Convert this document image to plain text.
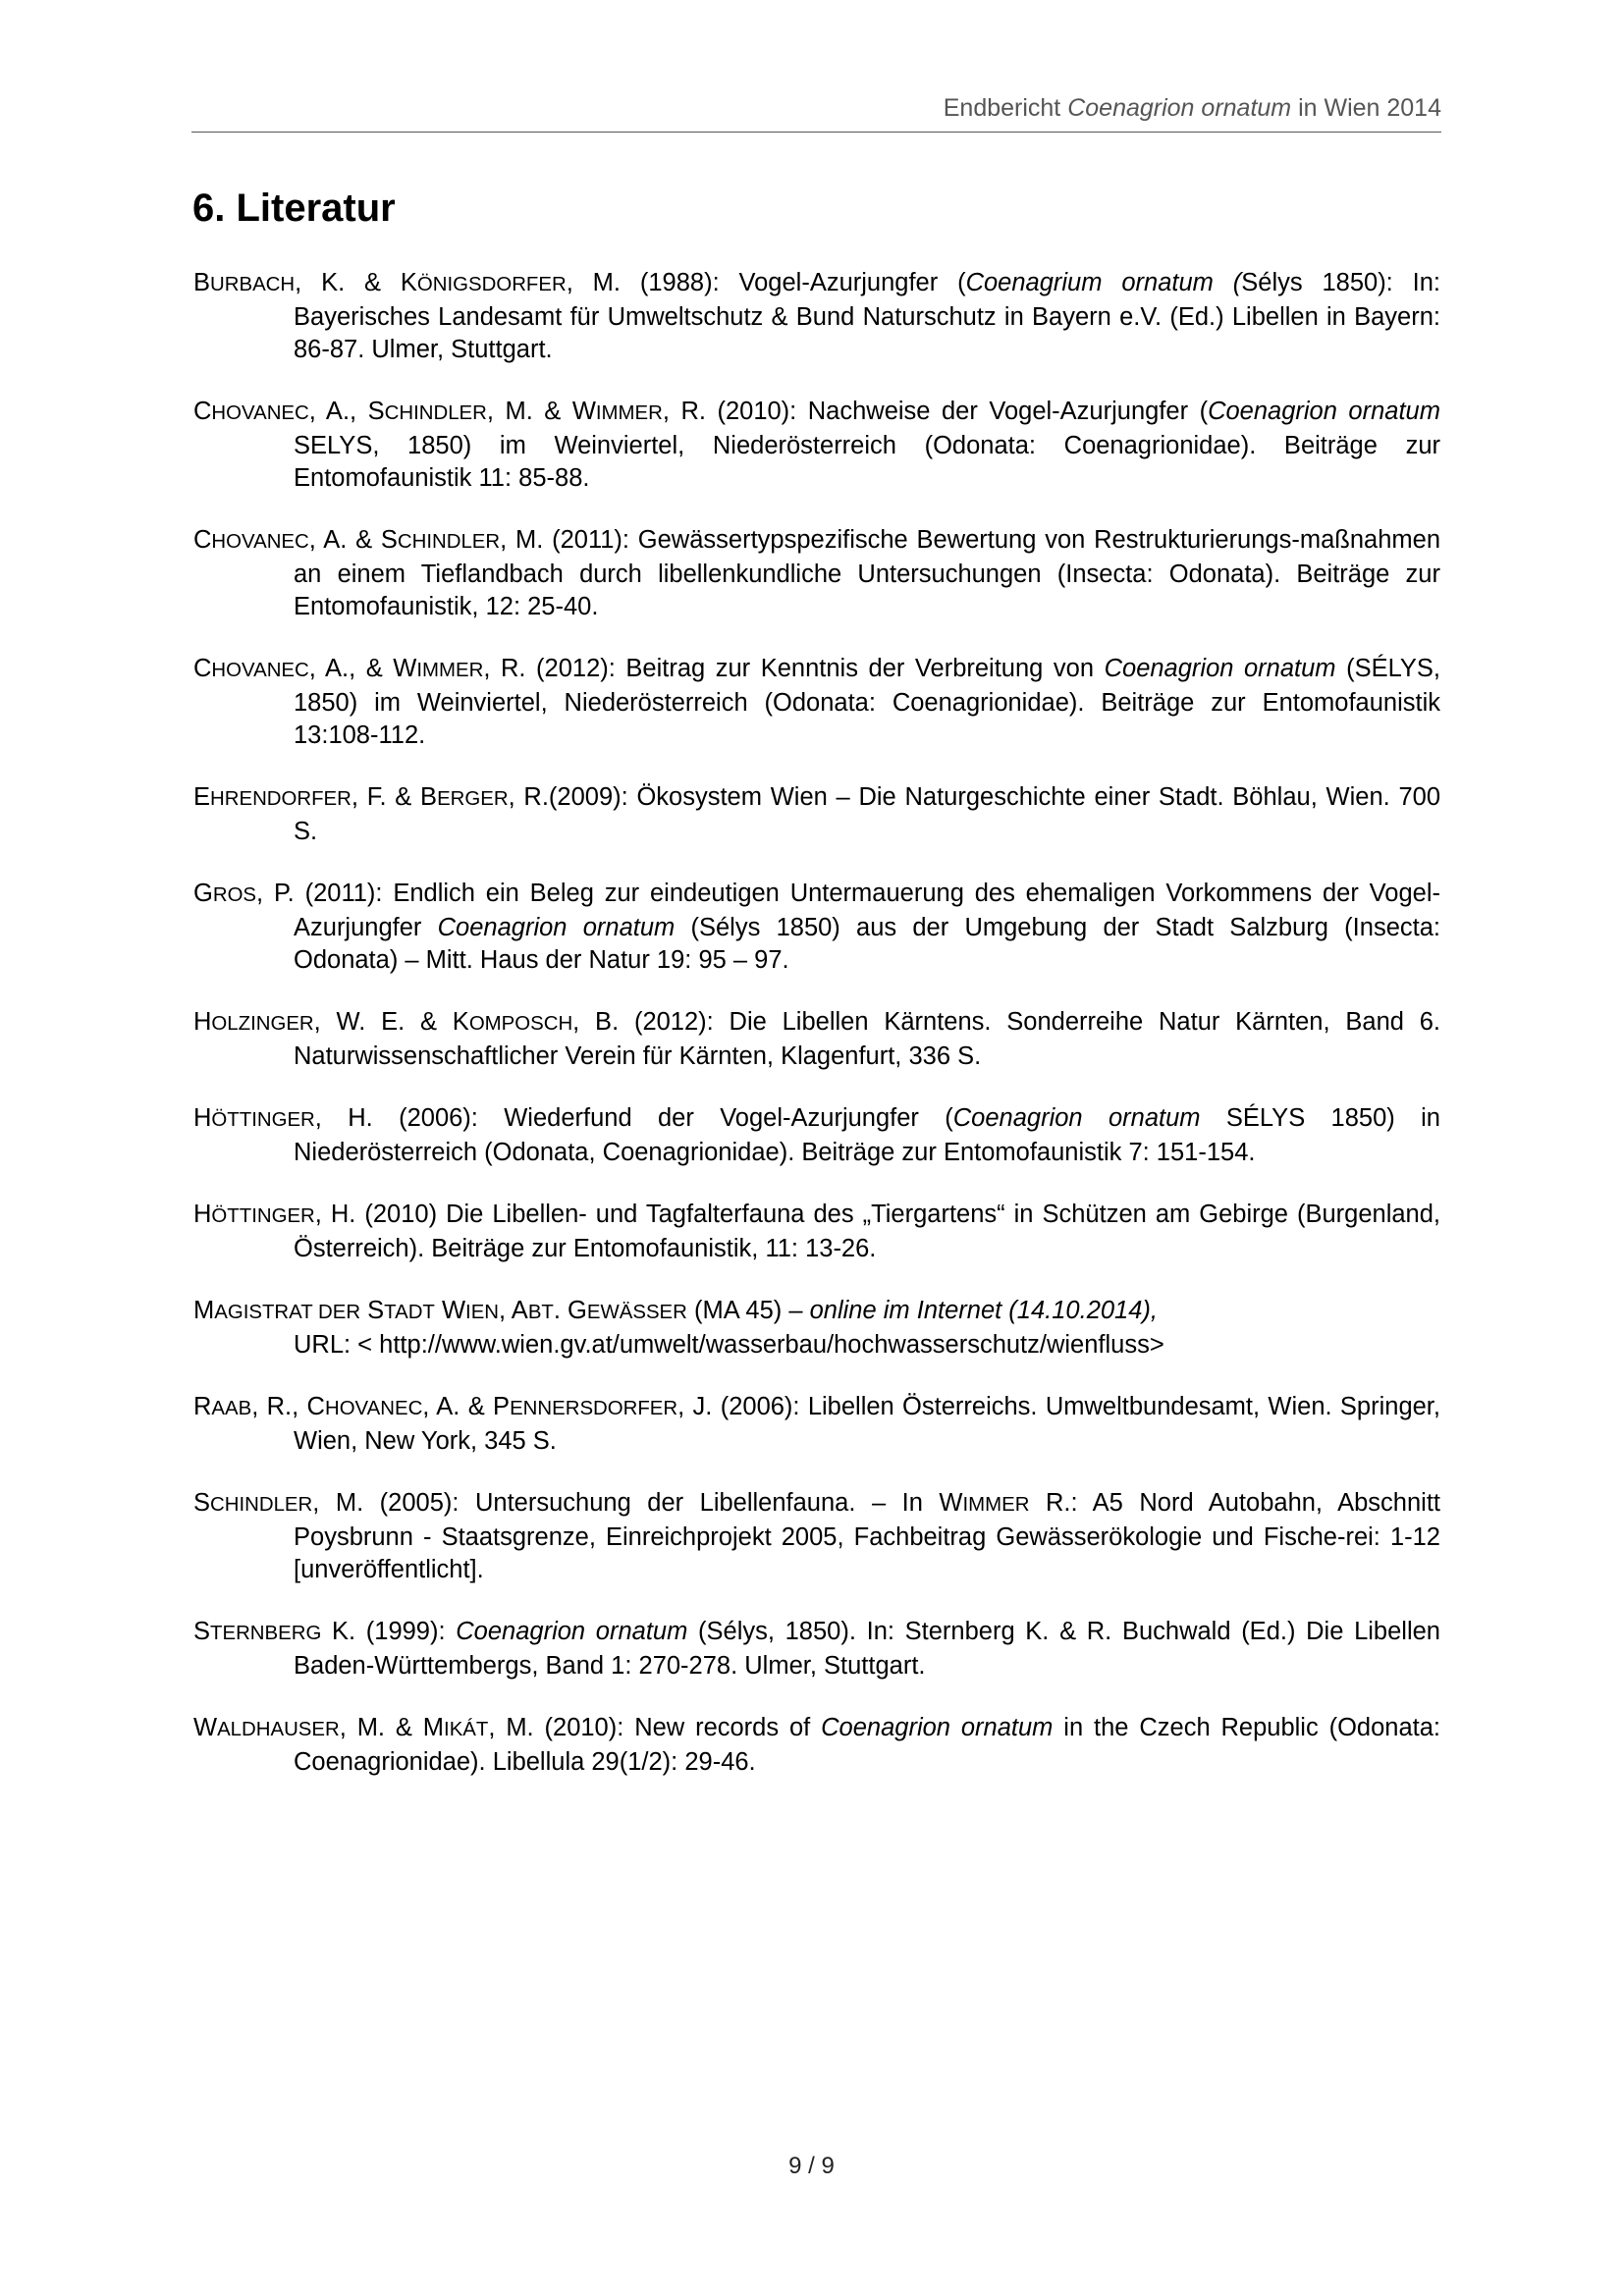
Endbericht Coenagrion ornatum in Wien 2014
6. Literatur

BURBACH, K. & KÖNIGSDORFER, M. (1988): Vogel-Azurjungfer (Coenagrium ornatum (Sélys 1850): In: Bayerisches Landesamt für Umweltschutz & Bund Naturschutz in Bayern e.V. (Ed.) Libellen in Bayern: 86-87. Ulmer, Stuttgart.

CHOVANEC, A., SCHINDLER, M. & WIMMER, R. (2010): Nachweise der Vogel-Azurjungfer (Coenagrion ornatum SELYS, 1850) im Weinviertel, Niederösterreich (Odonata: Coenagrionidae). Beiträge zur Entomofaunistik 11: 85-88.

CHOVANEC, A. & SCHINDLER, M. (2011): Gewässertypspezifische Bewertung von Restrukturierungs-maßnahmen an einem Tieflandbach durch libellenkundliche Untersuchungen (Insecta: Odonata). Beiträge zur Entomofaunistik, 12: 25-40.

CHOVANEC, A., & WIMMER, R. (2012): Beitrag zur Kenntnis der Verbreitung von Coenagrion ornatum (SÉLYS, 1850) im Weinviertel, Niederösterreich (Odonata: Coenagrionidae). Beiträge zur Entomofaunistik 13:108-112.

EHRENDORFER, F. & BERGER, R.(2009): Ökosystem Wien – Die Naturgeschichte einer Stadt. Böhlau, Wien. 700 S.

GROS, P. (2011): Endlich ein Beleg zur eindeutigen Untermauerung des ehemaligen Vorkommens der Vogel-Azurjungfer Coenagrion ornatum (Sélys 1850) aus der Umgebung der Stadt Salzburg (Insecta: Odonata) – Mitt. Haus der Natur 19: 95 – 97.

HOLZINGER, W. E. & KOMPOSCH, B. (2012): Die Libellen Kärntens. Sonderreihe Natur Kärnten, Band 6. Naturwissenschaftlicher Verein für Kärnten, Klagenfurt, 336 S.

HÖTTINGER, H. (2006): Wiederfund der Vogel-Azurjungfer (Coenagrion ornatum SÉLYS 1850) in Niederösterreich (Odonata, Coenagrionidae). Beiträge zur Entomofaunistik 7: 151-154.

HÖTTINGER, H. (2010) Die Libellen- und Tagfalterfauna des „Tiergartens“ in Schützen am Gebirge (Burgenland, Österreich). Beiträge zur Entomofaunistik, 11: 13-26.

MAGISTRAT DER STADT WIEN, ABT. GEWÄSSER (MA 45) – online im Internet (14.10.2014),
URL: < http://www.wien.gv.at/umwelt/wasserbau/hochwasserschutz/wienfluss>

RAAB, R., CHOVANEC, A. & PENNERSDORFER, J. (2006): Libellen Österreichs. Umweltbundesamt, Wien. Springer, Wien, New York, 345 S.

SCHINDLER, M. (2005): Untersuchung der Libellenfauna. – In WIMMER R.: A5 Nord Autobahn, Abschnitt Poysbrunn - Staatsgrenze, Einreichprojekt 2005, Fachbeitrag Gewässerökologie und Fische-rei: 1-12 [unveröffentlicht].

STERNBERG K. (1999): Coenagrion ornatum (Sélys, 1850). In: Sternberg K. & R. Buchwald (Ed.) Die Libellen Baden-Württembergs, Band 1: 270-278. Ulmer, Stuttgart.

WALDHAUSER, M. & MIKÁT, M. (2010): New records of Coenagrion ornatum in the Czech Republic (Odonata: Coenagrionidae). Libellula 29(1/2): 29-46.

9 / 9
